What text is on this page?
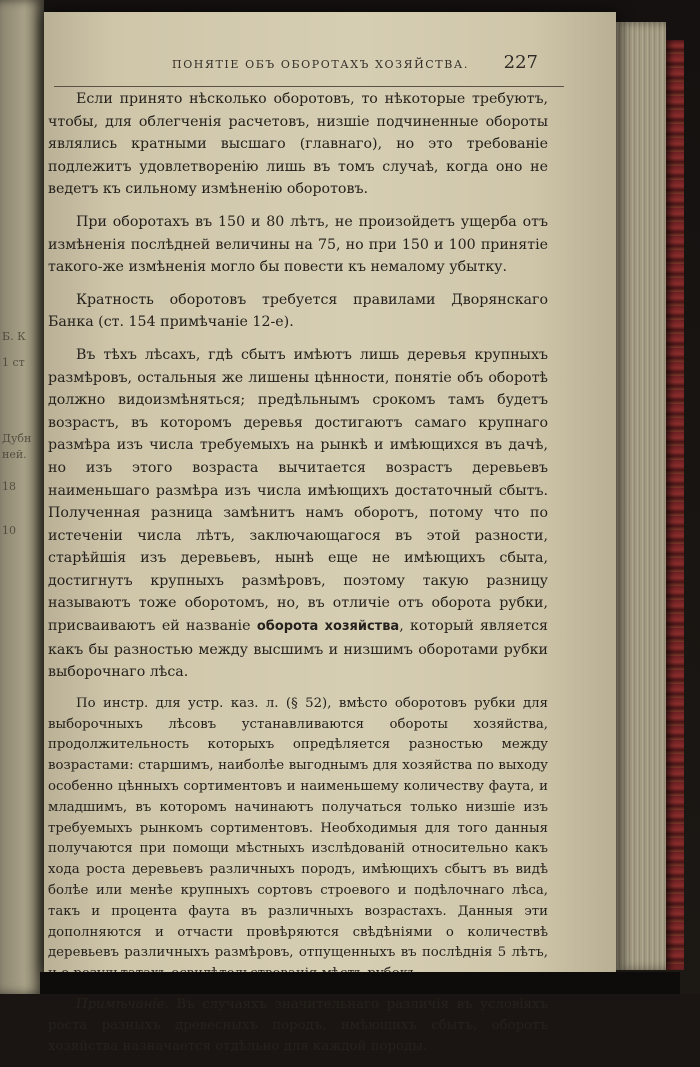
Б. К
1 ст
Дубн
ней.
18
10
ПОНЯТІЕ ОБЪ ОБОРОТАХЪ ХОЗЯЙСТВА. 227

Если принято нѣсколько оборотовъ, то нѣкоторые требуютъ, чтобы, для облегченія расчетовъ, низшіе подчиненные обороты являлись кратными высшаго (главнаго), но это требованіе подлежитъ удовлетворенію лишь въ томъ случаѣ, когда оно не ведетъ къ сильному измѣненію оборотовъ.

При оборотахъ въ 150 и 80 лѣтъ, не произойдетъ ущерба отъ измѣненія послѣдней величины на 75, но при 150 и 100 принятіе такого-же измѣненія могло бы повести къ немалому убытку.

Кратность оборотовъ требуется правилами Дворянскаго Банка (ст. 154 примѣчаніе 12-е).

Въ тѣхъ лѣсахъ, гдѣ сбытъ имѣютъ лишь деревья крупныхъ размѣровъ, остальныя же лишены цѣнности, понятіе объ оборотѣ должно видоизмѣняться; предѣльнымъ срокомъ тамъ будетъ возрастъ, въ которомъ деревья достигаютъ самаго крупнаго размѣра изъ числа требуемыхъ на рынкѣ и имѣющихся въ дачѣ, но изъ этого возраста вычитается возрастъ деревьевъ наименьшаго размѣра изъ числа имѣющихъ достаточный сбытъ. Полученная разница замѣнитъ намъ оборотъ, потому что по истеченіи числа лѣтъ, заключающагося въ этой разности, старѣйшія изъ деревьевъ, нынѣ еще не имѣющихъ сбыта, достигнутъ крупныхъ размѣровъ, поэтому такую разницу называютъ тоже оборотомъ, но, въ отличіе отъ оборота рубки, присваиваютъ ей названіе оборота хозяйства, который является какъ бы разностью между высшимъ и низшимъ оборотами рубки выборочнаго лѣса.

По инстр. для устр. каз. л. (§ 52), вмѣсто оборотовъ рубки для выборочныхъ лѣсовъ устанавливаются обороты хозяйства, продолжительность которыхъ опредѣляется разностью между возрастами: старшимъ, наиболѣе выгоднымъ для хозяйства по выходу особенно цѣнныхъ сортиментовъ и наименьшему количеству фаута, и младшимъ, въ которомъ начинаютъ получаться только низшіе изъ требуемыхъ рынкомъ сортиментовъ. Необходимыя для того данныя получаются при помощи мѣстныхъ изслѣдованій относительно какъ хода роста деревьевъ различныхъ породъ, имѣющихъ сбытъ въ видѣ болѣе или менѣе крупныхъ сортовъ строевого и подѣлочнаго лѣса, такъ и процента фаута въ различныхъ возрастахъ. Данныя эти дополняются и отчасти провѣряются свѣдѣніями о количествѣ деревьевъ различныхъ размѣровъ, отпущенныхъ въ послѣднія 5 лѣтъ,

Примѣчаніе. Въ случаяхъ значительнаго различія въ условіяхъ роста разныхъ древесныхъ породъ, имѣющихъ сбытъ, оборотъ хозяйства назначается отдѣльно для каждой породы.
